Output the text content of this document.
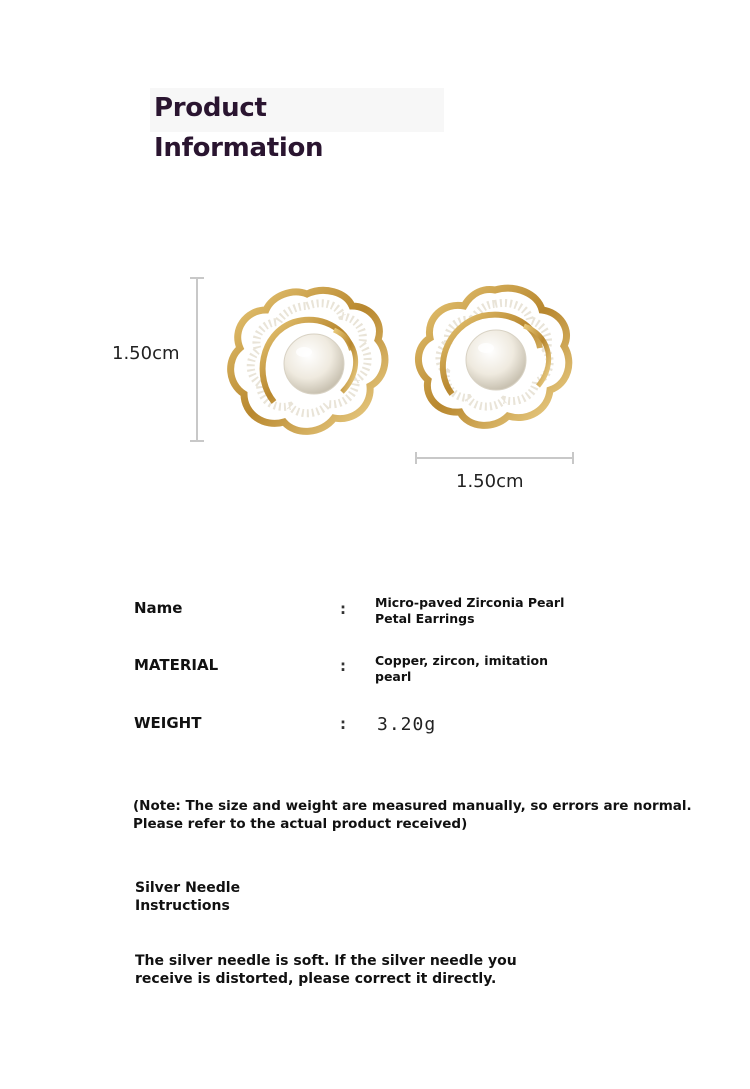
Product Information
1.50cm
1.50cm
Name	: Micro-paved Zirconia Pearl Petal Earrings
MATERIAL	: Copper, zircon, imitation pearl
WEIGHT	: 3.20g
(Note: The size and weight are measured manually, so errors are normal. Please refer to the actual product received)
Silver Needle Instructions
The silver needle is soft. If the silver needle you receive is distorted, please correct it directly.
